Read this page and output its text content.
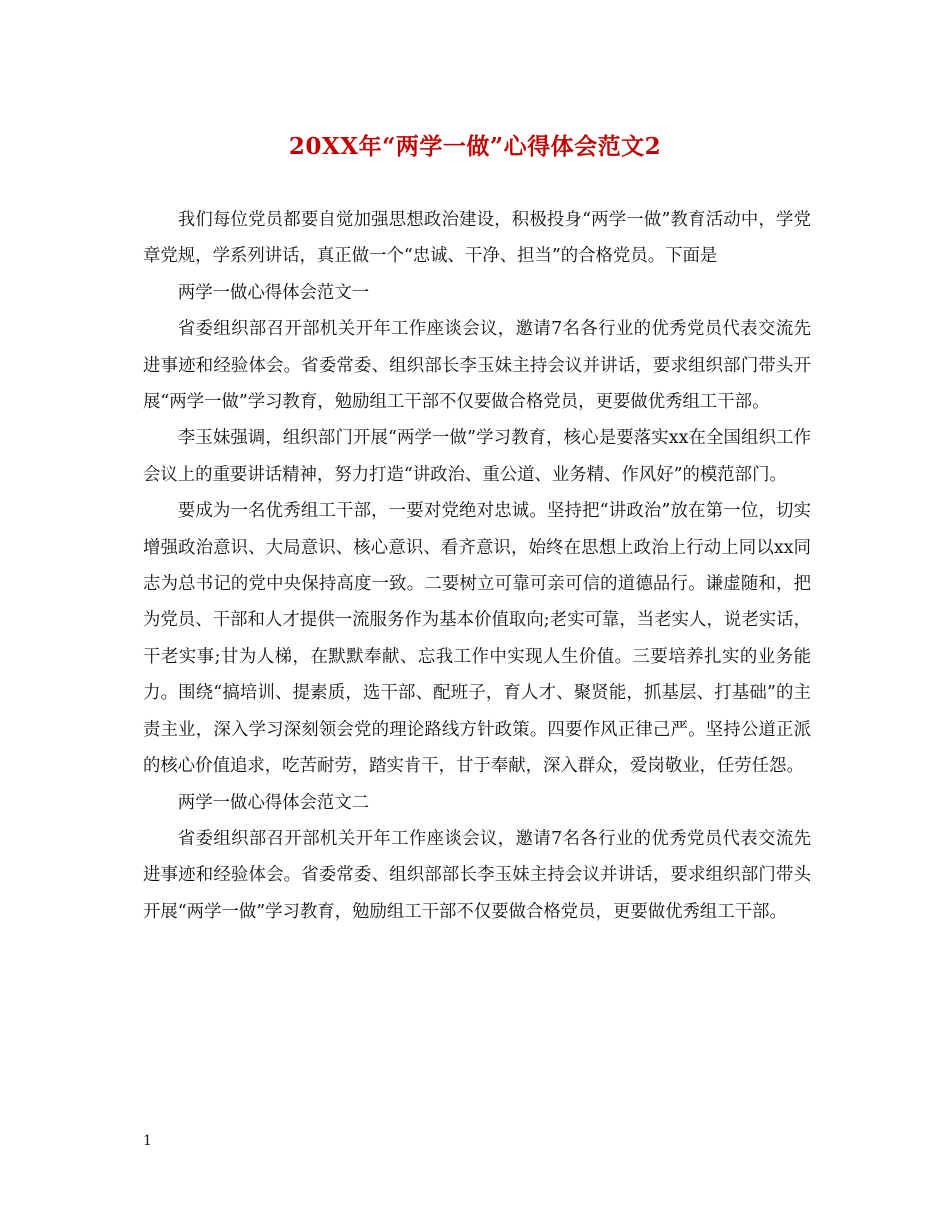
20XX年“两学一做”心得体会范文2

我们每位党员都要自觉加强思想政治建设，积极投身“两学一做”教育活动中，学党章党规，学系列讲话，真正做一个“忠诚、干净、担当”的合格党员。下面是

两学一做心得体会范文一

省委组织部召开部机关开年工作座谈会议，邀请7名各行业的优秀党员代表交流先进事迹和经验体会。省委常委、组织部长李玉妹主持会议并讲话，要求组织部门带头开展“两学一做”学习教育，勉励组工干部不仅要做合格党员，更要做优秀组工干部。

李玉妹强调，组织部门开展“两学一做”学习教育，核心是要落实xx在全国组织工作会议上的重要讲话精神，努力打造“讲政治、重公道、业务精、作风好”的模范部门。

要成为一名优秀组工干部，一要对党绝对忠诚。坚持把“讲政治”放在第一位，切实增强政治意识、大局意识、核心意识、看齐意识，始终在思想上政治上行动上同以xx同志为总书记的党中央保持高度一致。二要树立可靠可亲可信的道德品行。谦虚随和，把为党员、干部和人才提供一流服务作为基本价值取向;老实可靠，当老实人，说老实话，干老实事;甘为人梯，在默默奉献、忘我工作中实现人生价值。三要培养扎实的业务能力。围绕“搞培训、提素质，选干部、配班子，育人才、聚贤能，抓基层、打基础”的主责主业，深入学习深刻领会党的理论路线方针政策。四要作风正律己严。坚持公道正派的核心价值追求，吃苦耐劳，踏实肯干，甘于奉献，深入群众，爱岗敬业，任劳任怨。

两学一做心得体会范文二

省委组织部召开部机关开年工作座谈会议，邀请7名各行业的优秀党员代表交流先进事迹和经验体会。省委常委、组织部部长李玉妹主持会议并讲话，要求组织部门带头开展“两学一做”学习教育，勉励组工干部不仅要做合格党员，更要做优秀组工干部。

1
